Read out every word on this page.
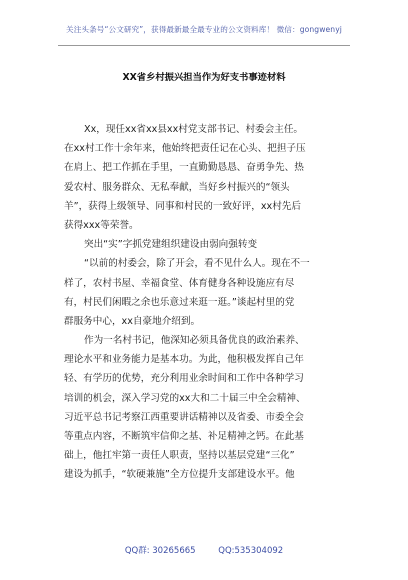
关注头条号“公文研究”，获得最新最全最专业的公文资料库！ 微信：gongwenyj
XX省乡村振兴担当作为好支书事迹材料
Xx，现任xx省xx县xx村党支部书记、村委会主任。
在xx村工作十余年来，他始终把责任记在心头、把担子压
在肩上、把工作抓在手里，一直勤勤恳恳、奋勇争先、热
爱农村、服务群众、无私奉献，当好乡村振兴的“领头
羊”，获得上级领导、同事和村民的一致好评，xx村先后
获得xxx等荣誉。
突出“实”字抓党建组织建设由弱向强转变
“以前的村委会，除了开会，看不见什么人。现在不一
样了，农村书屋、幸福食堂、体育健身各种设施应有尽
有，村民们闲暇之余也乐意过来逛一逛。”谈起村里的党
群服务中心，xx自豪地介绍到。
作为一名村书记，他深知必须具备优良的政治素养、
理论水平和业务能力是基本功。为此，他积极发挥自己年
轻、有学历的优势，充分利用业余时间和工作中各种学习
培训的机会，深入学习党的xx大和二十届三中全会精神、
习近平总书记考察江西重要讲话精神以及省委、市委全会
等重点内容，不断筑牢信仰之基、补足精神之钙。在此基
础上，他扛牢第一责任人职责，坚持以基层党建“三化”
建设为抓手，“软硬兼施”全方位提升支部建设水平。他
QQ群: 30265665	QQ:535304092
